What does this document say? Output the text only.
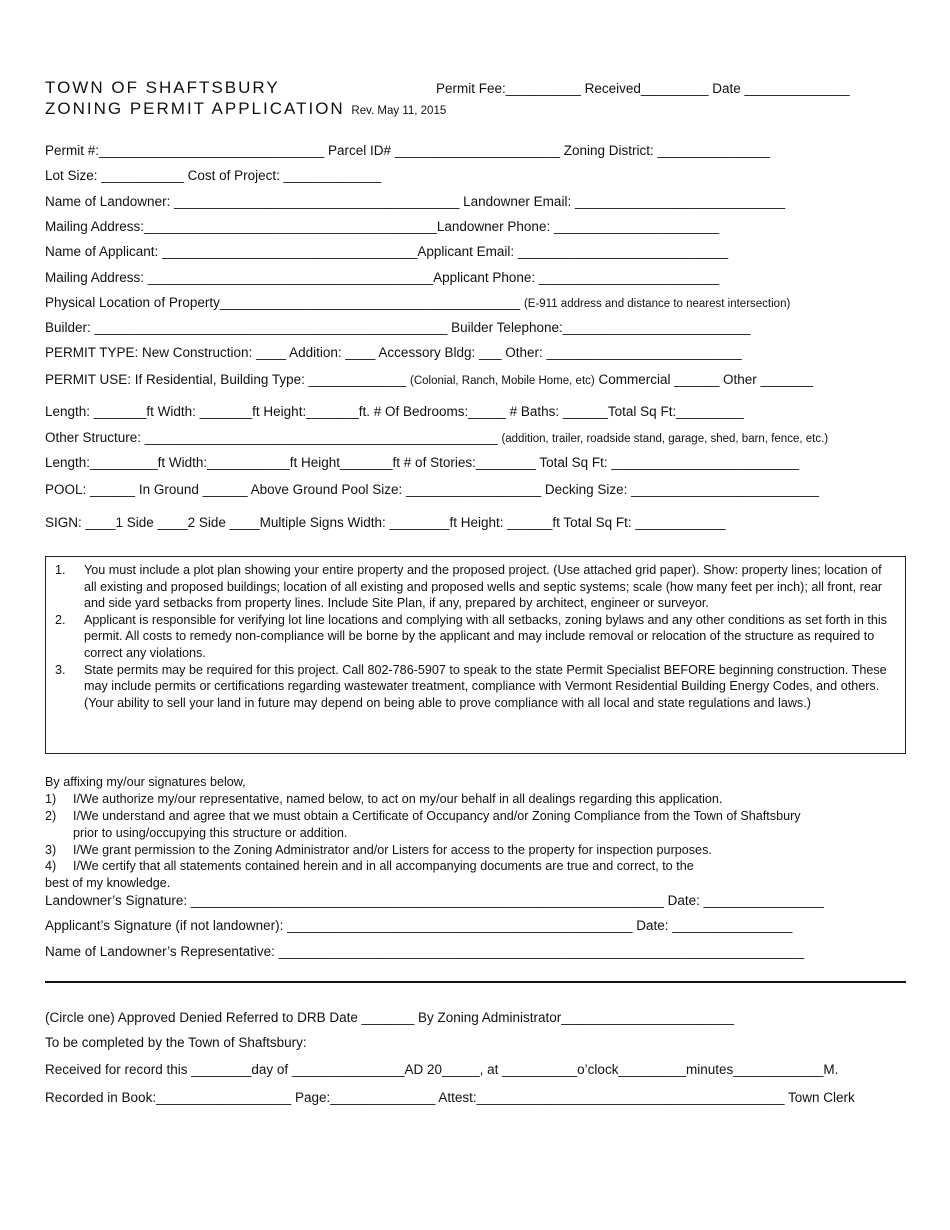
TOWN OF SHAFTSBURY
ZONING PERMIT APPLICATION Rev. May 11, 2015
Permit Fee:__________ Received_________ Date ______________
Permit #:______________________________ Parcel ID# ______________________ Zoning District: _______________
Lot Size: ___________ Cost of Project: _____________
Name of Landowner: ______________________________________ Landowner Email: ____________________________
Mailing Address:_______________________________________Landowner Phone: ______________________
Name of Applicant: __________________________________Applicant Email: ____________________________
Mailing Address: ______________________________________Applicant Phone: ________________________
Physical Location of Property________________________________________ (E-911 address and distance to nearest intersection)
Builder: _______________________________________________ Builder Telephone:_________________________
PERMIT TYPE: New Construction: ____ Addition: ____ Accessory Bldg: ___ Other: __________________________
PERMIT USE: If Residential, Building Type: _____________ (Colonial, Ranch, Mobile Home, etc) Commercial ______ Other _______
Length: _______ft Width: _______ft Height:_______ft. # Of Bedrooms:_____ # Baths: ______Total Sq Ft:_________
Other Structure: _______________________________________________ (addition, trailer, roadside stand, garage, shed, barn, fence, etc.)
Length:_________ft Width:___________ft Height_______ft # of Stories:________ Total Sq Ft: _________________________
POOL: ______ In Ground ______ Above Ground Pool Size: __________________ Decking Size: _________________________
SIGN: ____1 Side ____2 Side ____Multiple Signs Width: ________ft Height: ______ft Total Sq Ft: ____________
1. You must include a plot plan showing your entire property and the proposed project. (Use attached grid paper). Show: property lines; location of all existing and proposed buildings; location of all existing and proposed wells and septic systems; scale (how many feet per inch); all front, rear and side yard setbacks from property lines. Include Site Plan, if any, prepared by architect, engineer or surveyor.
2. Applicant is responsible for verifying lot line locations and complying with all setbacks, zoning bylaws and any other conditions as set forth in this permit. All costs to remedy non-compliance will be borne by the applicant and may include removal or relocation of the structure as required to correct any violations.
3. State permits may be required for this project. Call 802-786-5907 to speak to the state Permit Specialist BEFORE beginning construction. These may include permits or certifications regarding wastewater treatment, compliance with Vermont Residential Building Energy Codes, and others. (Your ability to sell your land in future may depend on being able to prove compliance with all local and state regulations and laws.)
By affixing my/our signatures below,
1) I/We authorize my/our representative, named below, to act on my/our behalf in all dealings regarding this application.
2) I/We understand and agree that we must obtain a Certificate of Occupancy and/or Zoning Compliance from the Town of Shaftsbury
prior to using/occupying this structure or addition.
3) I/We grant permission to the Zoning Administrator and/or Listers for access to the property for inspection purposes.
4) I/We certify that all statements contained herein and in all accompanying documents are true and correct, to the
best of my knowledge.
Landowner’s Signature: _______________________________________________________________ Date: ________________
Applicant’s Signature (if not landowner): ______________________________________________ Date: ________________
Name of Landowner’s Representative: ______________________________________________________________________
(Circle one) Approved Denied Referred to DRB Date _______ By Zoning Administrator_______________________
To be completed by the Town of Shaftsbury:
Received for record this ________day of _______________AD 20_____, at __________o’clock_________minutes____________M.
Recorded in Book:__________________ Page:______________ Attest:_________________________________________ Town Clerk
